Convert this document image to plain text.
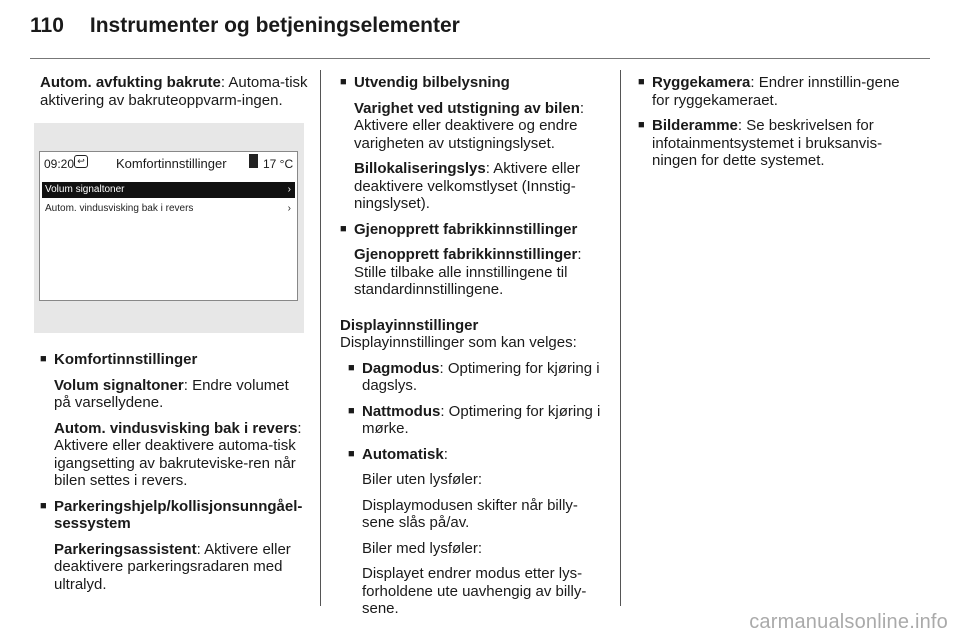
110 Instrumenter og betjeningselementer

Autom. avfukting bakrute: Automa-tisk aktivering av bakruteoppvarm-ingen.

09:20 ↩ Komfortinnstillinger	17 °C
Volum signaltoner	›
Autom. vindusvisking bak i revers	›
■ Komfortinnstillinger

Volum signaltoner: Endre volumet på varsellydene.

Autom. vindusvisking bak i revers: Aktivere eller deaktivere automa-tisk igangsetting av bakruteviske-ren når bilen settes i revers.

■ Parkeringshjelp/kollisjonsunngåel-sessystem

Parkeringsassistent: Aktivere eller deaktivere parkeringsradaren med ultralyd.

■ Utvendig bilbelysning

Varighet ved utstigning av bilen: Aktivere eller deaktivere og endre varigheten av utstigningslyset.

Billokaliseringslys: Aktivere eller deaktivere velkomstlyset (Innstig-ningslyset).

■ Gjenopprett fabrikkinnstillinger

Gjenopprett fabrikkinnstillinger: Stille tilbake alle innstillingene til standardinnstillingene.

Displayinnstillinger

Displayinnstillinger som kan velges:

■ Dagmodus: Optimering for kjøring i dagslys.
■ Nattmodus: Optimering for kjøring i mørke.
■ Automatisk:

Biler uten lysføler:

Displaymodusen skifter når billy-sene slås på/av.

Biler med lysføler:

Displayet endrer modus etter lys-forholdene ute uavhengig av billy-sene.

■ Ryggekamera: Endrer innstillin-gene for ryggekameraet.
■ Bilderamme: Se beskrivelsen for infotainmentsystemet i bruksanvis-ningen for dette systemet.
carmanualsonline.info
